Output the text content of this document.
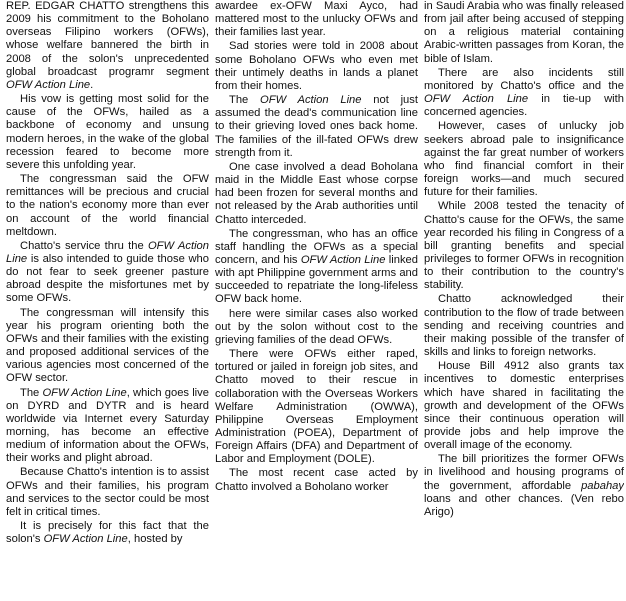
REP. EDGAR CHATTO strengthens this 2009 his commitment to the Boholano overseas Filipino workers (OFWs), whose welfare bannered the birth in 2008 of the solon's unprecedented global broadcast programr segment OFW Action Line.

His vow is getting most solid for the cause of the OFWs, hailed as a backbone of economy and unsung modern heroes, in the wake of the global recession feared to become more severe this unfolding year.

The congressman said the OFW remittances will be precious and crucial to the nation's economy more than ever on account of the world financial meltdown.

Chatto's service thru the OFW Action Line is also intended to guide those who do not fear to seek greener pasture abroad despite the misfortunes met by some OFWs.

The congressman will intensify this year his program orienting both the OFWs and their families with the existing and proposed additional services of the various agencies most concerned of the OFW sector.

The OFW Action Line, which goes live on DYRD and DYTR and is heard worldwide via Internet every Saturday morning, has become an effective medium of information about the OFWs, their works and plight abroad.

Because Chatto's intention is to assist OFWs and their families, his program and services to the sector could be most felt in critical times.

It is precisely for this fact that the solon's OFW Action Line, hosted by

awardee ex-OFW Maxi Ayco, had mattered most to the unlucky OFWs and their families last year.

Sad stories were told in 2008 about some Boholano OFWs who even met their untimely deaths in lands a planet from their homes.

The OFW Action Line not just assumed the dead's communication line to their grieving loved ones back home. The families of the ill-fated OFWs drew strength from it.

One case involved a dead Boholana maid in the Middle East whose corpse had been frozen for several months and not released by the Arab authorities until Chatto interceded.

The congressman, who has an office staff handling the OFWs as a special concern, and his OFW Action Line linked with apt Philippine government arms and succeeded to repatriate the long-lifeless OFW back home.

here were similar cases also worked out by the solon without cost to the grieving families of the dead OFWs.

There were OFWs either raped, tortured or jailed in foreign job sites, and Chatto moved to their rescue in collaboration with the Overseas Workers Welfare Administration (OWWA), Philippine Overseas Employment Administration (POEA), Department of Foreign Affairs (DFA) and Department of Labor and Employment (DOLE).

The most recent case acted by Chatto involved a Boholano worker

in Saudi Arabia who was finally released from jail after being accused of stepping on a religious material containing Arabic-written passages from Koran, the bible of Islam.

There are also incidents still monitored by Chatto's office and the OFW Action Line in tie-up with concerned agencies.

However, cases of unlucky job seekers abroad pale to insignificance against the far great number of workers who find financial comfort in their foreign works—and much secured future for their families.

While 2008 tested the tenacity of Chatto's cause for the OFWs, the same year recorded his filing in Congress of a bill granting benefits and special privileges to former OFWs in recognition to their contribution to the country's stability.

Chatto acknowledged their contribution to the flow of trade between sending and receiving countries and their making possible of the transfer of skills and links to foreign networks.

House Bill 4912 also grants tax incentives to domestic enterprises which have shared in facilitating the growth and development of the OFWs since their continuous operation will provide jobs and help improve the overall image of the economy.

The bill prioritizes the former OFWs in livelihood and housing programs of the government, affordable pabahay loans and other chances. (Ven rebo Arigo)
